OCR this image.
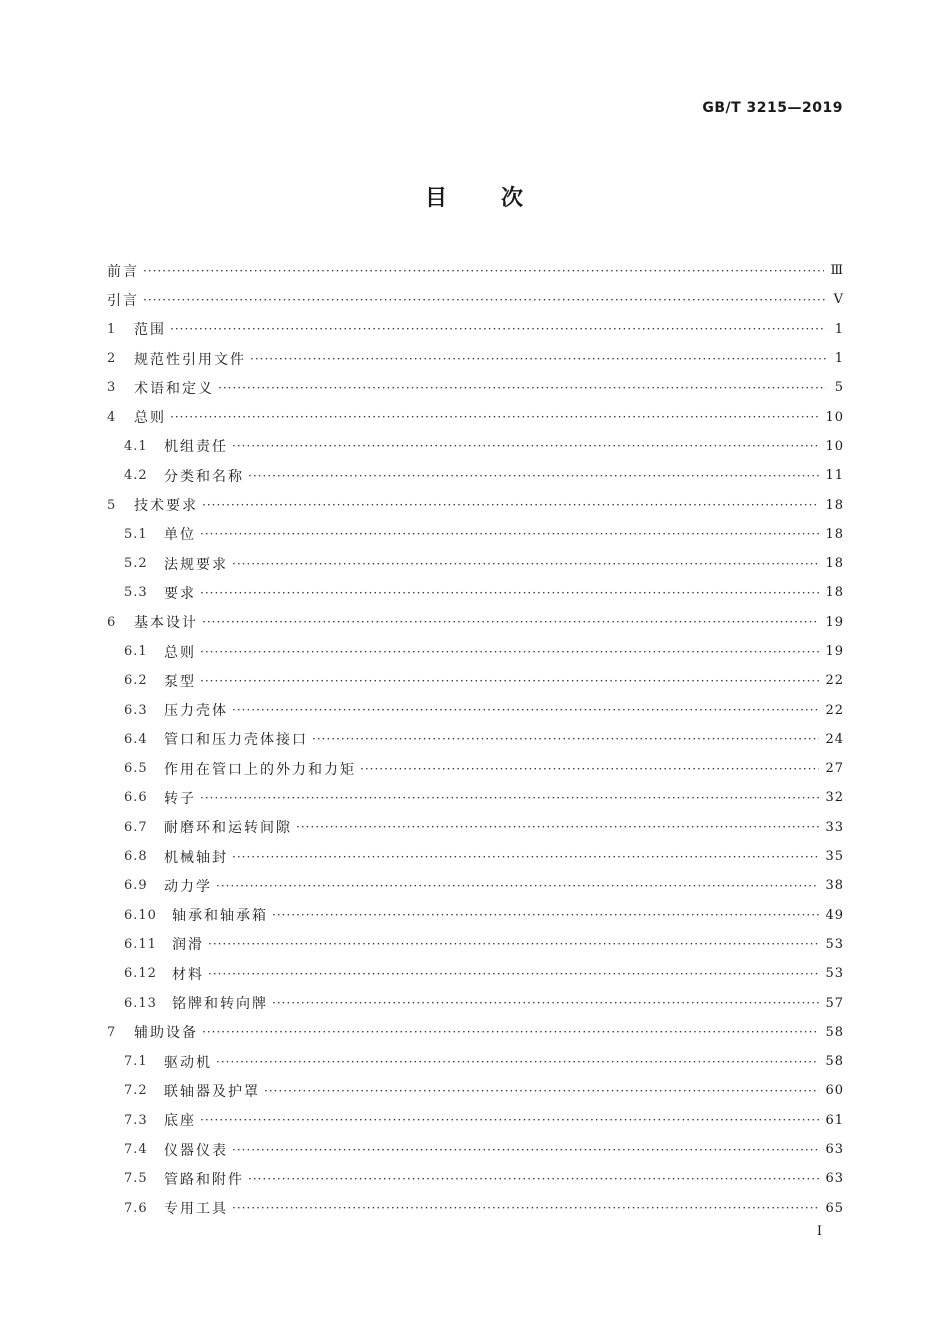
GB/T 3215—2019
目 次
前言 ·····	Ⅲ
引言 ·····	Ⅴ
1	范围 ·····	1
2	规范性引用文件 ·····	1
3	术语和定义 ·····	5
4	总则 ·····	10
4.1	机组责任 ·····	10
4.2	分类和名称 ·····	11
5	技术要求 ·····	18
5.1	单位 ·····	18
5.2	法规要求 ·····	18
5.3	要求 ·····	18
6	基本设计 ·····	19
6.1	总则 ·····	19
6.2	泵型 ·····	22
6.3	压力壳体 ·····	22
6.4	管口和压力壳体接口 ·····	24
6.5	作用在管口上的外力和力矩 ·····	27
6.6	转子 ·····	32
6.7	耐磨环和运转间隙 ·····	33
6.8	机械轴封 ·····	35
6.9	动力学 ·····	38
6.10	轴承和轴承箱 ·····	49
6.11	润滑 ·····	53
6.12	材料 ·····	53
6.13	铭牌和转向牌 ·····	57
7	辅助设备 ·····	58
7.1	驱动机 ·····	58
7.2	联轴器及护罩 ·····	60
7.3	底座 ·····	61
7.4	仪器仪表 ·····	63
7.5	管路和附件 ·····	63
7.6	专用工具 ·····	65
I
